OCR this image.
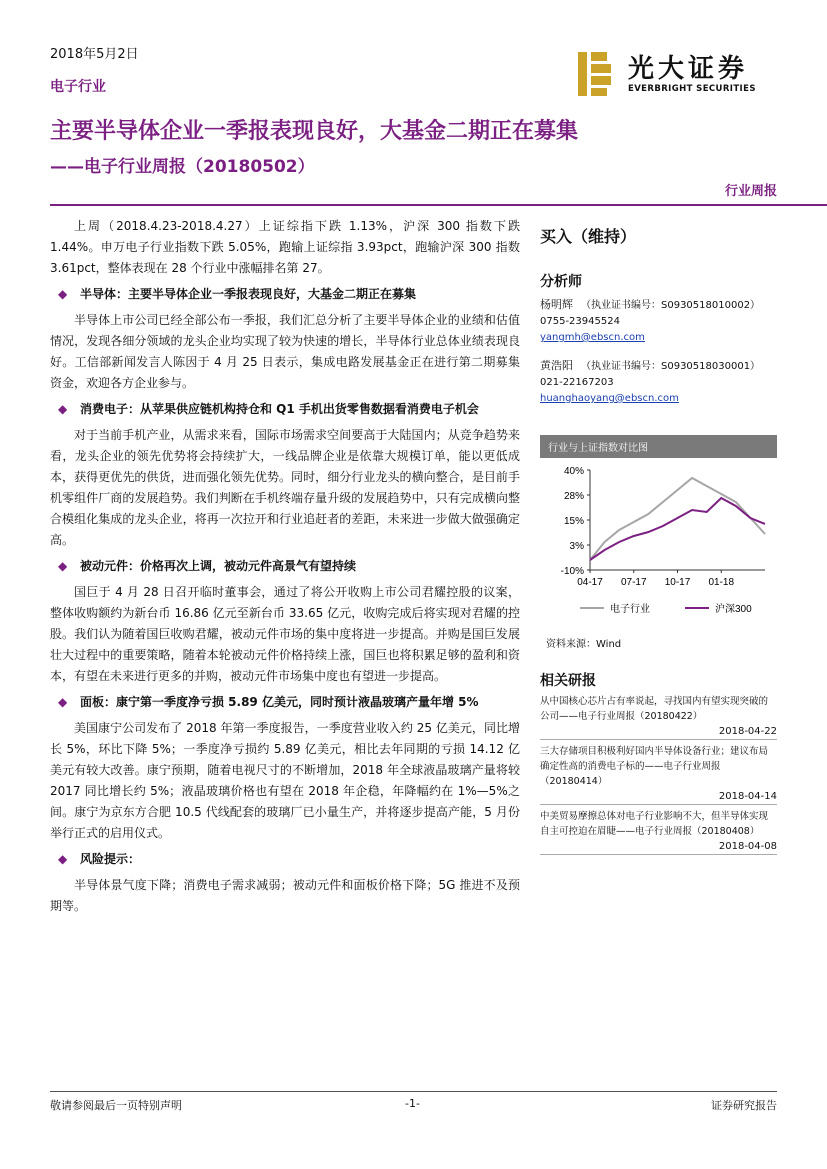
2018年5月2日
电子行业
光大证券
EVERBRIGHT SECURITIES
主要半导体企业一季报表现良好，大基金二期正在募集
——电子行业周报（20180502）
行业周报

上周（2018.4.23-2018.4.27）上证综指下跌 1.13%，沪深 300 指数下跌 1.44%。申万电子行业指数下跌 5.05%，跑输上证综指 3.93pct，跑输沪深 300 指数 3.61pct，整体表现在 28 个行业中涨幅排名第 27。

◆ 半导体：主要半导体企业一季报表现良好，大基金二期正在募集

半导体上市公司已经全部公布一季报，我们汇总分析了主要半导体企业的业绩和估值情况，发现各细分领域的龙头企业均实现了较为快速的增长，半导体行业总体业绩表现良好。工信部新闻发言人陈因于 4 月 25 日表示，集成电路发展基金正在进行第二期募集资金，欢迎各方企业参与。

◆ 消费电子：从苹果供应链机构持仓和 Q1 手机出货零售数据看消费电子机会

对于当前手机产业，从需求来看，国际市场需求空间要高于大陆国内；从竞争趋势来看，龙头企业的领先优势将会持续扩大，一线品牌企业是依靠大规模订单，能以更低成本，获得更优先的供货，进而强化领先优势。同时，细分行业龙头的横向整合，是目前手机零组件厂商的发展趋势。我们判断在手机终端存量升级的发展趋势中，只有完成横向整合模组化集成的龙头企业，将再一次拉开和行业追赶者的差距，未来进一步做大做强确定高。

◆ 被动元件：价格再次上调，被动元件高景气有望持续

国巨于 4 月 28 日召开临时董事会，通过了将公开收购上市公司君耀控股的议案，整体收购额约为新台币 16.86 亿元至新台币 33.65 亿元，收购完成后将实现对君耀的控股。我们认为随着国巨收购君耀，被动元件市场的集中度将进一步提高。并购是国巨发展壮大过程中的重要策略，随着本轮被动元件价格持续上涨，国巨也将积累足够的盈利和资本，有望在未来进行更多的并购，被动元件市场集中度也有望进一步提高。

◆ 面板：康宁第一季度净亏损 5.89 亿美元，同时预计液晶玻璃产量年增 5%

美国康宁公司发布了 2018 年第一季度报告，一季度营业收入约 25 亿美元，同比增长 5%，环比下降 5%；一季度净亏损约 5.89 亿美元，相比去年同期的亏损 14.12 亿美元有较大改善。康宁预期，随着电视尺寸的不断增加，2018 年全球液晶玻璃产量将较 2017 同比增长约 5%；液晶玻璃价格也有望在 2018 年企稳，年降幅约在 1%—5%之间。康宁为京东方合肥 10.5 代线配套的玻璃厂已小量生产，并将逐步提高产能，5 月份举行正式的启用仪式。

◆ 风险提示：

半导体景气度下降；消费电子需求减弱；被动元件和面板价格下降；5G 推进不及预期等。

买入（维持）
分析师
杨明辉 （执业证书编号：S0930518010002）
0755-23945524
yangmh@ebscn.com
黄浩阳 （执业证书编号：S0930518030001）
021-22167203
huanghaoyang@ebscn.com
行业与上证指数对比图
40%
28%
15%
3%
-10%
04-17 07-17 10-17 01-18
电子行业	沪深300
资料来源：Wind
相关研报
从中国核心芯片占有率说起，寻找国内有望实现突破的公司——电子行业周报（20180422）
2018-04-22
三大存储项目积极利好国内半导体设备行业；建议布局确定性高的消费电子标的——电子行业周报（20180414）
2018-04-14
中美贸易摩擦总体对电子行业影响不大，但半导体实现自主可控迫在眉睫——电子行业周报（20180408）
2018-04-08
敬请参阅最后一页特别声明	-1-	证券研究报告
